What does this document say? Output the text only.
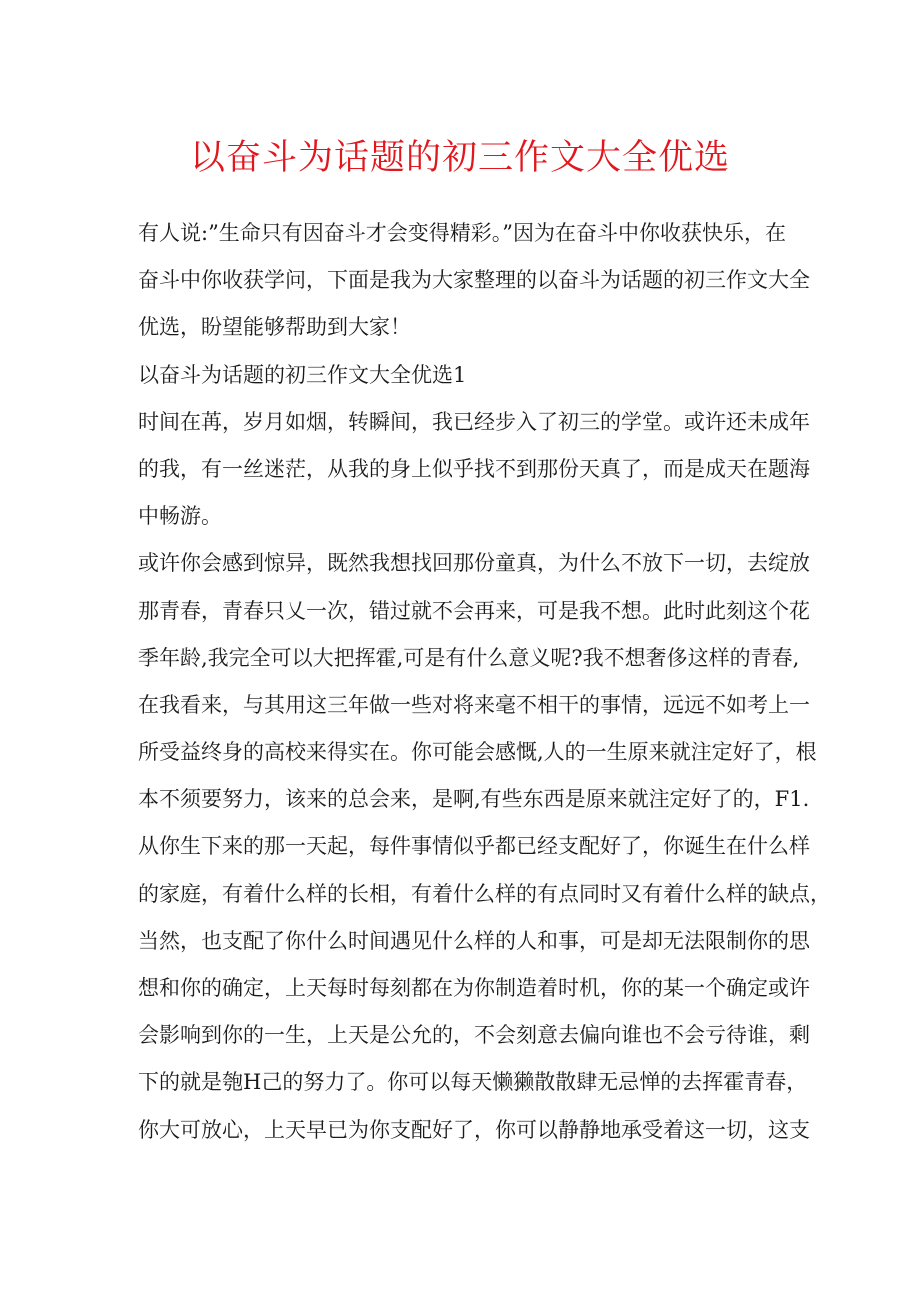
以奋斗为话题的初三作文大全优选
有人说:”生命只有因奋斗才会变得精彩。”因为在奋斗中你收获快乐，在
奋斗中你收获学问，下面是我为大家整理的以奋斗为话题的初三作文大全
优选，盼望能够帮助到大家！
以奋斗为话题的初三作文大全优选1
时间在苒，岁月如烟，转瞬间，我已经步入了初三的学堂。或许还未成年
的我，有一丝迷茫，从我的身上似乎找不到那份天真了，而是成天在题海
中畅游。
或许你会感到惊异，既然我想找回那份童真，为什么不放下一切，去绽放
那青春，青春只乂一次，错过就不会再来，可是我不想。此时此刻这个花
季年龄,我完全可以大把挥霍,可是有什么意义呢?我不想奢侈这样的青春,
在我看来，与其用这三年做一些对将来毫不相干的事情，远远不如考上一
所受益终身的高校来得实在。你可能会感慨,人的一生原来就注定好了，根
本不须要努力，该来的总会来，是啊,有些东西是原来就注定好了的，F1.
从你生下来的那一天起，每件事情似乎都已经支配好了，你诞生在什么样
的家庭，有着什么样的长相，有着什么样的有点同时又有着什么样的缺点，
当然，也支配了你什么时间遇见什么样的人和事，可是却无法限制你的思
想和你的确定，上天每时每刻都在为你制造着时机，你的某一个确定或许
会影响到你的一生，上天是公允的，不会刻意去偏向谁也不会亏待谁，剩
下的就是匏H己的努力了。你可以每天懒獭散散肆无忌惮的去挥霍青春，
你大可放心，上天早已为你支配好了，你可以静静地承受着这一切，这支
